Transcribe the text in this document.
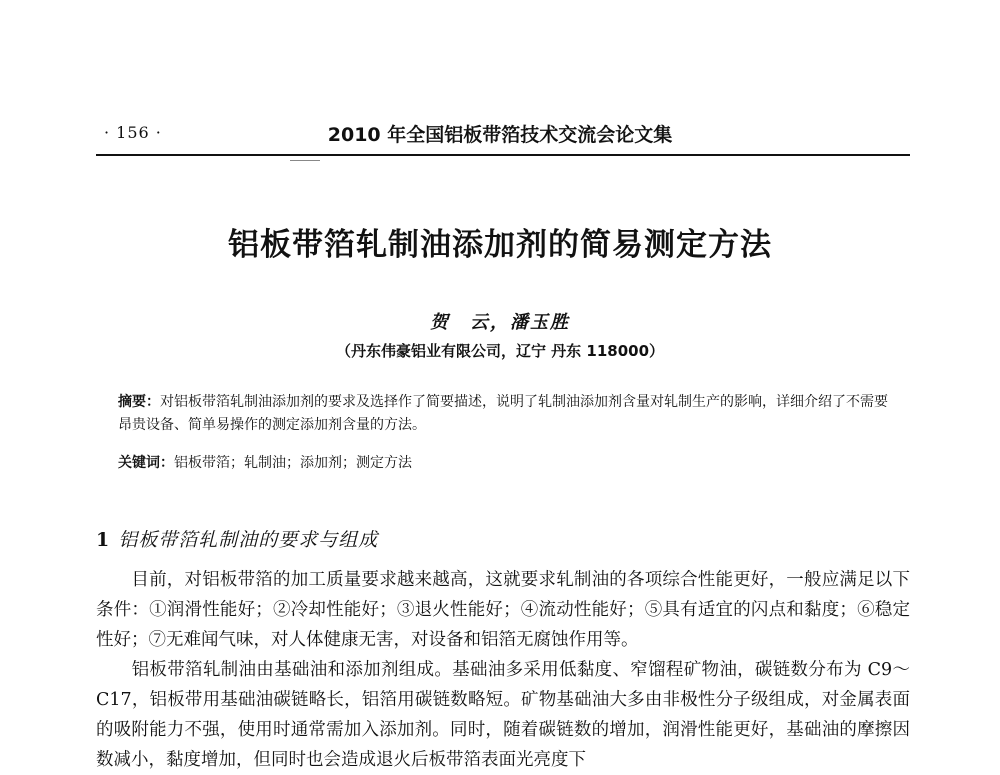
· 156 ·	2010 年全国铝板带箔技术交流会论文集
铝板带箔轧制油添加剂的简易测定方法
贺　云，潘玉胜
（丹东伟豪铝业有限公司，辽宁 丹东 118000）

摘要：对铝板带箔轧制油添加剂的要求及选择作了简要描述，说明了轧制油添加剂含量对轧制生产的影响，详细介绍了不需要昂贵设备、简单易操作的测定添加剂含量的方法。

关键词：铝板带箔；轧制油；添加剂；测定方法

1 铝板带箔轧制油的要求与组成

　　目前，对铝板带箔的加工质量要求越来越高，这就要求轧制油的各项综合性能更好，一般应满足以下条件：①润滑性能好；②冷却性能好；③退火性能好；④流动性能好；⑤具有适宜的闪点和黏度；⑥稳定性好；⑦无难闻气味，对人体健康无害，对设备和铝箔无腐蚀作用等。

　　铝板带箔轧制油由基础油和添加剂组成。基础油多采用低黏度、窄馏程矿物油，碳链数分布为 C9～C17，铝板带用基础油碳链略长，铝箔用碳链数略短。矿物基础油大多由非极性分子级组成，对金属表面的吸附能力不强，使用时通常需加入添加剂。同时，随着碳链数的增加，润滑性能更好，基础油的摩擦因数减小，黏度增加，但同时也会造成退火后板带箔表面光亮度下
